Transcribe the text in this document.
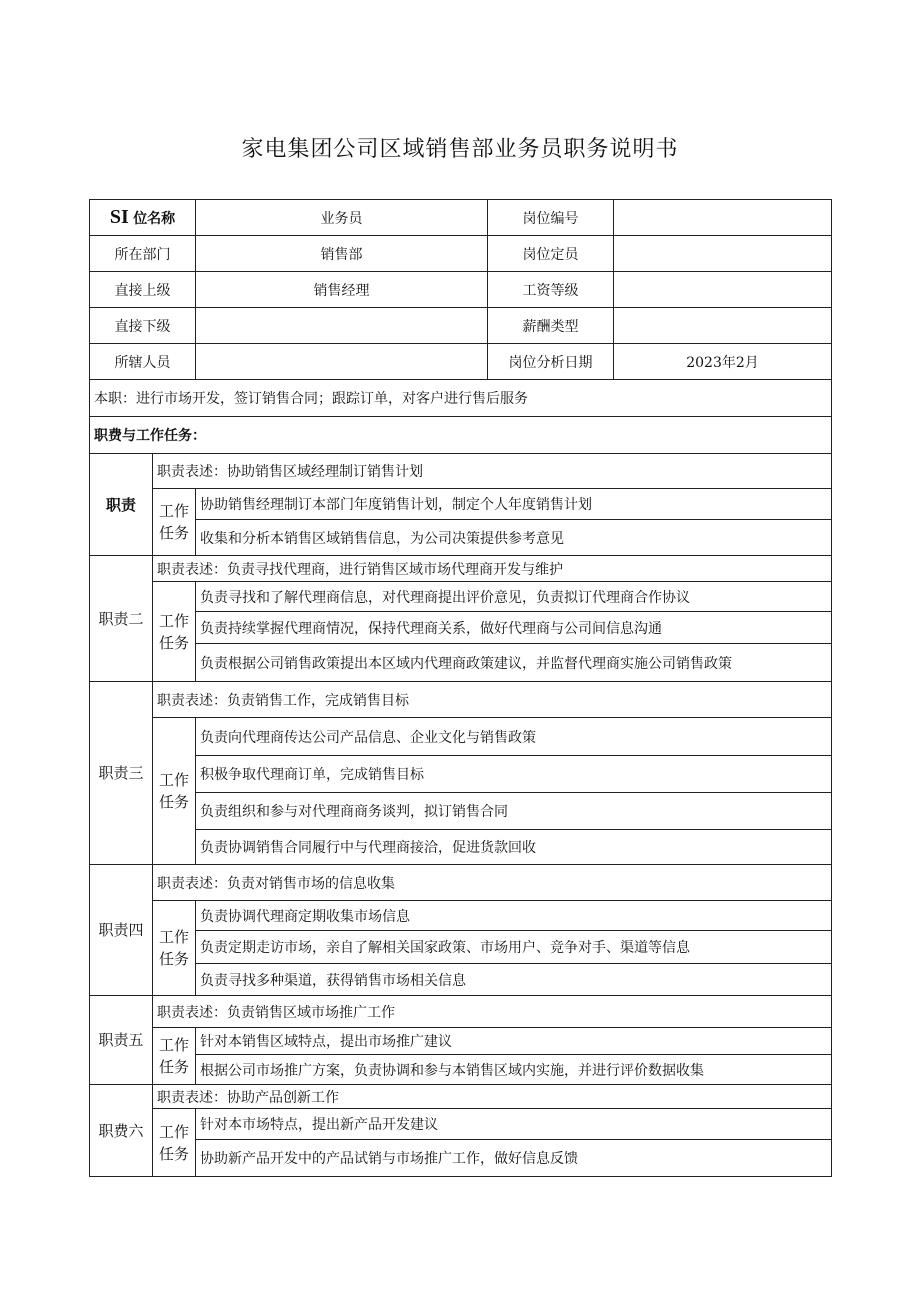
家电集团公司区域销售部业务员职务说明书
SI 位名称		业务员	岗位编号	
所在部门		销售部	岗位定员	
直接上级		销售经理	工资等级	
直接下级			薪酬类型	
所辖人员			岗位分析日期	2023年2月
本职：进行市场开发，签订销售合同；跟踪订单，对客户进行售后服务				
职费与工作任务：				
职责	职责表述：协助销售区域经理制订销售计划			
	工作任务	协助销售经理制订本部门年度销售计划，制定个人年度销售计划		
		收集和分析本销售区域销售信息，为公司决策提供参考意见		
职责二	职责表述：负责寻找代理商，进行销售区域市场代理商开发与维护			
	工作任务	负责寻找和了解代理商信息，对代理商提出评价意见，负责拟订代理商合作协议		
		负责持续掌握代理商情况，保持代理商关系，做好代理商与公司间信息沟通		
		负责根据公司销售政策提出本区域内代理商政策建议，并监督代理商实施公司销售政策		
职责三	职责表述：负责销售工作，完成销售目标			
	工作任务	负责向代理商传达公司产品信息、企业文化与销售政策		
		积极争取代理商订单，完成销售目标		
		负责组织和参与对代理商商务谈判，拟订销售合同		
		负责协调销售合同履行中与代理商接洽，促进货款回收		
职责四	职责表述：负责对销售市场的信息收集			
	工作任务	负责协调代理商定期收集市场信息		
		负责定期走访市场，亲自了解相关国家政策、市场用户、竞争对手、渠道等信息		
		负责寻找多种渠道，获得销售市场相关信息		
职责五	职责表述：负责销售区域市场推广工作			
	工作任务	针对本销售区域特点，提出市场推广建议		
		根据公司市场推广方案，负责协调和参与本销售区域内实施，并进行评价数据收集		
职费六	职责表述：协助产品创新工作			
	工作任务	针对本市场特点，提出新产品开发建议		
		协助新产品开发中的产品试销与市场推广工作，做好信息反馈		
